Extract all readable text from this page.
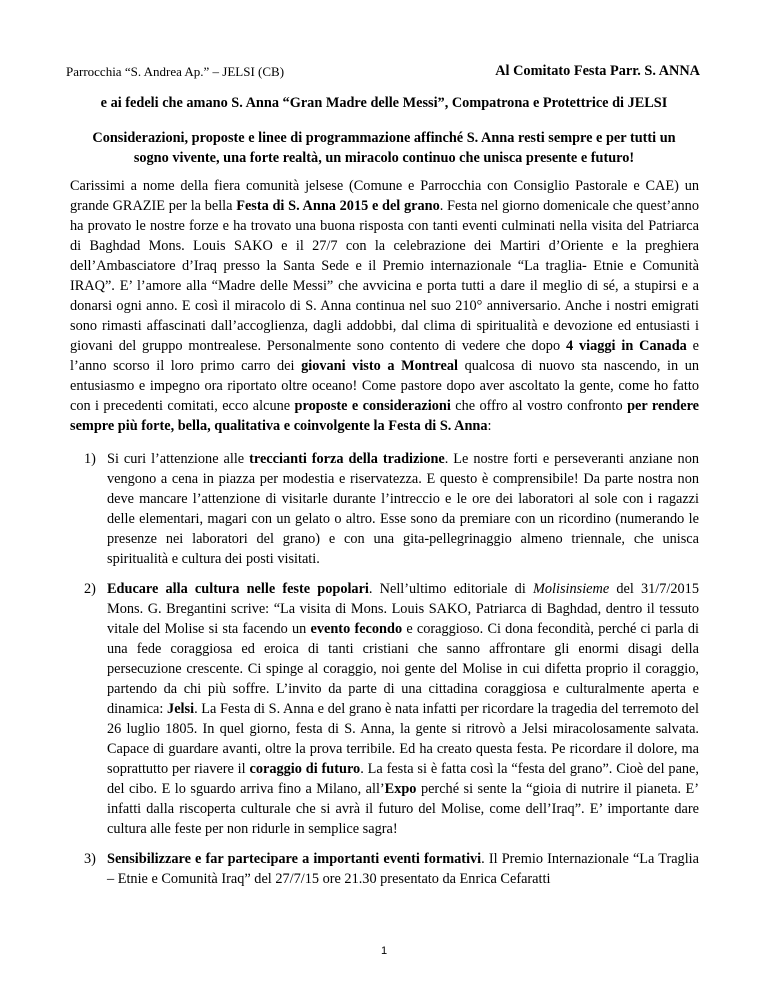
Parrocchia “S. Andrea Ap.” – JELSI (CB)	Al Comitato Festa Parr. S. ANNA
e ai fedeli che amano S. Anna “Gran Madre delle Messi”, Compatrona e Protettrice di JELSI
Considerazioni, proposte e linee di programmazione affinché S. Anna resti sempre e per tutti un sogno vivente, una forte realtà, un miracolo continuo che unisca presente e futuro!

Carissimi a nome della fiera comunità jelsese (Comune e Parrocchia con Consiglio Pastorale e CAE) un grande GRAZIE per la bella Festa di S. Anna 2015 e del grano. Festa nel giorno domenicale che quest’anno ha provato le nostre forze e ha trovato una buona risposta con tanti eventi culminati nella visita del Patriarca di Baghdad Mons. Louis SAKO e il 27/7 con la celebrazione dei Martiri d’Oriente e la preghiera dell’Ambasciatore d’Iraq presso la Santa Sede e il Premio internazionale “La traglia- Etnie e Comunità IRAQ”. E’ l’amore alla “Madre delle Messi” che avvicina e porta tutti a dare il meglio di sé, a stupirsi e a donarsi ogni anno. E così il miracolo di S. Anna continua nel suo 210° anniversario. Anche i nostri emigrati sono rimasti affascinati dall’accoglienza, dagli addobbi, dal clima di spiritualità e devozione ed entusiasti i giovani del gruppo montrealese. Personalmente sono contento di vedere che dopo 4 viaggi in Canada e l’anno scorso il loro primo carro dei giovani visto a Montreal qualcosa di nuovo sta nascendo, in un entusiasmo e impegno ora riportato oltre oceano! Come pastore dopo aver ascoltato la gente, come ho fatto con i precedenti comitati, ecco alcune proposte e considerazioni che offro al vostro confronto per rendere sempre più forte, bella, qualitativa e coinvolgente la Festa di S. Anna:

1) Si curi l’attenzione alle treccianti forza della tradizione. Le nostre forti e perseveranti anziane non vengono a cena in piazza per modestia e riservatezza. E questo è comprensibile! Da parte nostra non deve mancare l’attenzione di visitarle durante l’intreccio e le ore dei laboratori al sole con i ragazzi delle elementari, magari con un gelato o altro. Esse sono da premiare con un ricordino (numerando le presenze nei laboratori del grano) e con una gita-pellegrinaggio almeno triennale, che unisca spiritualità e cultura dei posti visitati.
2) Educare alla cultura nelle feste popolari. Nell’ultimo editoriale di Molisinsieme del 31/7/2015 Mons. G. Bregantini scrive: “La visita di Mons. Louis SAKO, Patriarca di Baghdad, dentro il tessuto vitale del Molise si sta facendo un evento fecondo e coraggioso. Ci dona fecondità, perché ci parla di una fede coraggiosa ed eroica di tanti cristiani che sanno affrontare gli enormi disagi della persecuzione crescente. Ci spinge al coraggio, noi gente del Molise in cui difetta proprio il coraggio, partendo da chi più soffre. L’invito da parte di una cittadina coraggiosa e culturalmente aperta e dinamica: Jelsi. La Festa di S. Anna e del grano è nata infatti per ricordare la tragedia del terremoto del 26 luglio 1805. In quel giorno, festa di S. Anna, la gente si ritrovò a Jelsi miracolosamente salvata. Capace di guardare avanti, oltre la prova terribile. Ed ha creato questa festa. Pe ricordare il dolore, ma soprattutto per riavere il coraggio di futuro. La festa si è fatta così la “festa del grano”. Cioè del pane, del cibo. E lo sguardo arriva fino a Milano, all’Expo perché si sente la “gioia di nutrire il pianeta. E’ infatti dalla riscoperta culturale che si avrà il futuro del Molise, come dell’Iraq”. E’ importante dare cultura alle feste per non ridurle in semplice sagra!
3) Sensibilizzare e far partecipare a importanti eventi formativi. Il Premio Internazionale “La Traglia – Etnie e Comunità Iraq” del 27/7/15 ore 21.30 presentato da Enrica Cefaratti
1
